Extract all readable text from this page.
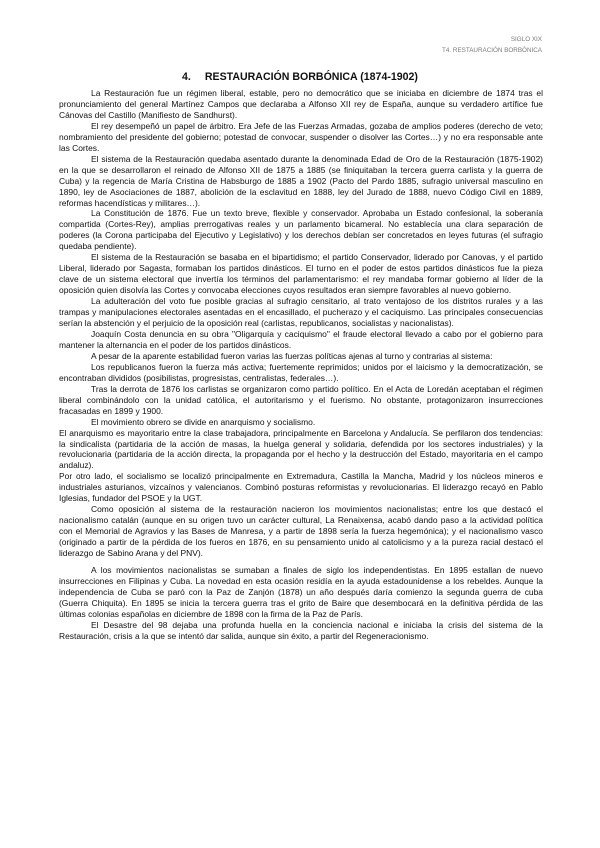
SIGLO XIX
T4. RESTAURACIÓN BORBÓNICA
4. RESTAURACIÓN BORBÓNICA (1874-1902)

La Restauración fue un régimen liberal, estable, pero no democrático que se iniciaba en diciembre de 1874 tras el pronunciamiento del general Martínez Campos que declaraba a Alfonso XII rey de España, aunque su verdadero artífice fue Cánovas del Castillo (Manifiesto de Sandhurst).

El rey desempeñó un papel de árbitro. Era Jefe de las Fuerzas Armadas, gozaba de amplios poderes (derecho de veto; nombramiento del presidente del gobierno; potestad de convocar, suspender o disolver las Cortes…) y no era responsable ante las Cortes.

El sistema de la Restauración quedaba asentado durante la denominada Edad de Oro de la Restauración (1875-1902) en la que se desarrollaron el reinado de Alfonso XII de 1875 a 1885 (se finiquitaban la tercera guerra carlista y la guerra de Cuba) y la regencia de María Cristina de Habsburgo de 1885 a 1902 (Pacto del Pardo 1885, sufragio universal masculino en 1890, ley de Asociaciones de 1887, abolición de la esclavitud en 1888, ley del Jurado de 1888, nuevo Código Civil en 1889, reformas hacendísticas y militares…).

La Constitución de 1876. Fue un texto breve, flexible y conservador. Aprobaba un Estado confesional, la soberanía compartida (Cortes-Rey), amplias prerrogativas reales y un parlamento bicameral. No establecía una clara separación de poderes (la Corona participaba del Ejecutivo y Legislativo) y los derechos debían ser concretados en leyes futuras (el sufragio quedaba pendiente).

El sistema de la Restauración se basaba en el bipartidismo; el partido Conservador, liderado por Canovas, y el partido Liberal, liderado por Sagasta, formaban los partidos dinásticos. El turno en el poder de estos partidos dinásticos fue la pieza clave de un sistema electoral que invertía los términos del parlamentarismo: el rey mandaba formar gobierno al líder de la oposición quien disolvía las Cortes y convocaba elecciones cuyos resultados eran siempre favorables al nuevo gobierno.

La adulteración del voto fue posible gracias al sufragio censitario, al trato ventajoso de los distritos rurales y a las trampas y manipulaciones electorales asentadas en el encasillado, el pucherazo y el caciquismo. Las principales consecuencias serían la abstención y el perjuicio de la oposición real (carlistas, republicanos, socialistas y nacionalistas).

Joaquín Costa denuncia en su obra "Oligarquía y caciquismo" el fraude electoral llevado a cabo por el gobierno para mantener la alternancia en el poder de los partidos dinásticos.

A pesar de la aparente estabilidad fueron varias las fuerzas políticas ajenas al turno y contrarias al sistema:

Los republicanos fueron la fuerza más activa; fuertemente reprimidos; unidos por el laicismo y la democratización, se encontraban divididos (posibilistas, progresistas, centralistas, federales…).

Tras la derrota de 1876 los carlistas se organizaron como partido político. En el Acta de Loredán aceptaban el régimen liberal combinándolo con la unidad católica, el autoritarismo y el fuerismo. No obstante, protagonizaron insurrecciones fracasadas en 1899 y 1900.

El movimiento obrero se divide en anarquismo y socialismo.

El anarquismo es mayoritario entre la clase trabajadora, principalmente en Barcelona y Andalucía. Se perfilaron dos tendencias: la sindicalista (partidaria de la acción de masas, la huelga general y solidaria, defendida por los sectores industriales) y la revolucionaria (partidaria de la acción directa, la propaganda por el hecho y la destrucción del Estado, mayoritaria en el campo andaluz).

Por otro lado, el socialismo se localizó principalmente en Extremadura, Castilla la Mancha, Madrid y los núcleos mineros e industriales asturianos, vizcaínos y valencianos. Combinó posturas reformistas y revolucionarias. El liderazgo recayó en Pablo Iglesias, fundador del PSOE y la UGT.

Como oposición al sistema de la restauración nacieron los movimientos nacionalistas; entre los que destacó el nacionalismo catalán (aunque en su origen tuvo un carácter cultural, La Renaixensa, acabó dando paso a la actividad política con el Memorial de Agravios y las Bases de Manresa, y a partir de 1898 sería la fuerza hegemónica); y el nacionalismo vasco (originado a partir de la pérdida de los fueros en 1876, en su pensamiento unido al catolicismo y a la pureza racial destacó el liderazgo de Sabino Arana y del PNV).

A los movimientos nacionalistas se sumaban a finales de siglo los independentistas. En 1895 estallan de nuevo insurrecciones en Filipinas y Cuba. La novedad en esta ocasión residía en la ayuda estadounidense a los rebeldes. Aunque la independencia de Cuba se paró con la Paz de Zanjón (1878) un año después daría comienzo la segunda guerra de cuba (Guerra Chiquita). En 1895 se inicia la tercera guerra tras el grito de Baire que desembocará en la definitiva pérdida de las últimas colonias españolas en diciembre de 1898 con la firma de la Paz de París.

El Desastre del 98 dejaba una profunda huella en la conciencia nacional e iniciaba la crisis del sistema de la Restauración, crisis a la que se intentó dar salida, aunque sin éxito, a partir del Regeneracionismo.
